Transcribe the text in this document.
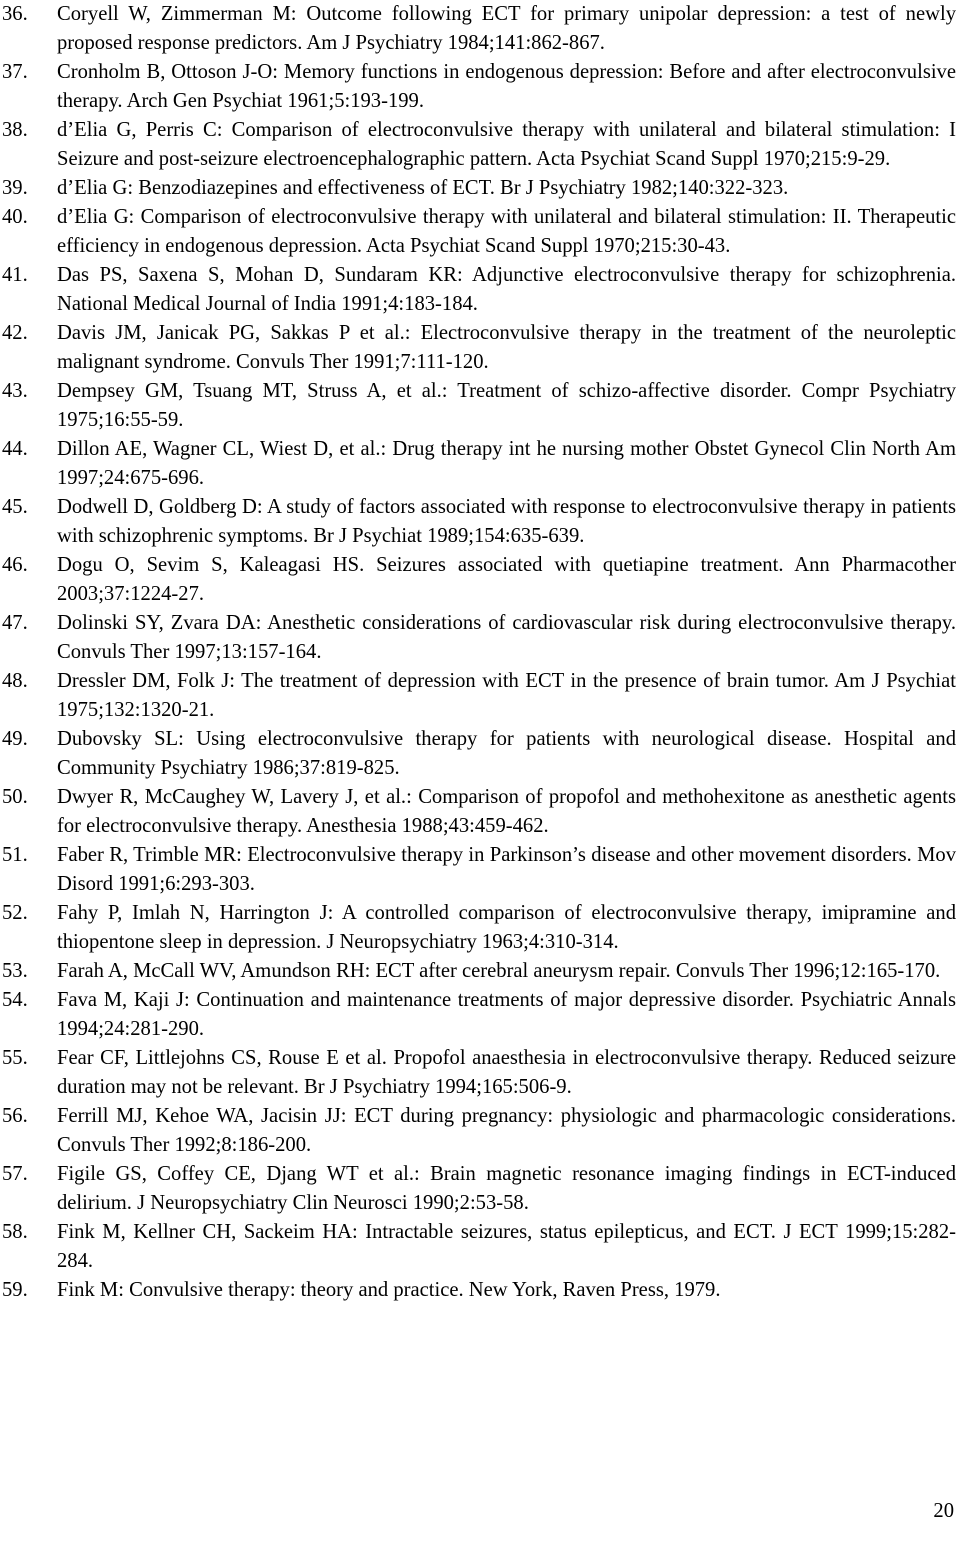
36.	Coryell W, Zimmerman M: Outcome following ECT for primary unipolar depression: a test of newly proposed response predictors. Am J Psychiatry 1984;141:862-867.
37.	Cronholm B, Ottoson J-O: Memory functions in endogenous depression: Before and after electroconvulsive therapy. Arch Gen Psychiat 1961;5:193-199.
38.	d’Elia G, Perris C: Comparison of electroconvulsive therapy with unilateral and bilateral stimulation: I Seizure and post-seizure electroencephalographic pattern. Acta Psychiat Scand Suppl 1970;215:9-29.
39.	d’Elia G: Benzodiazepines and effectiveness of ECT. Br J Psychiatry 1982;140:322-323.
40.	d’Elia G: Comparison of electroconvulsive therapy with unilateral and bilateral stimulation: II. Therapeutic efficiency in endogenous depression. Acta Psychiat Scand Suppl 1970;215:30-43.
41.	Das PS, Saxena S, Mohan D, Sundaram KR: Adjunctive electroconvulsive therapy for schizophrenia. National Medical Journal of India 1991;4:183-184.
42.	Davis JM, Janicak PG, Sakkas P et al.: Electroconvulsive therapy in the treatment of the neuroleptic malignant syndrome. Convuls Ther 1991;7:111-120.
43.	Dempsey GM, Tsuang MT, Struss A, et al.: Treatment of schizo-affective disorder. Compr Psychiatry 1975;16:55-59.
44.	Dillon AE, Wagner CL, Wiest D, et al.: Drug therapy int he nursing mother Obstet Gynecol Clin North Am 1997;24:675-696.
45.	Dodwell D, Goldberg D: A study of factors associated with response to electroconvulsive therapy in patients with schizophrenic symptoms. Br J Psychiat 1989;154:635-639.
46.	Dogu O, Sevim S, Kaleagasi HS. Seizures associated with quetiapine treatment. Ann Pharmacother 2003;37:1224-27.
47.	Dolinski SY, Zvara DA: Anesthetic considerations of cardiovascular risk during electroconvulsive therapy. Convuls Ther 1997;13:157-164.
48.	Dressler DM, Folk J: The treatment of depression with ECT in the presence of brain tumor. Am J Psychiat 1975;132:1320-21.
49.	Dubovsky SL: Using electroconvulsive therapy for patients with neurological disease. Hospital and Community Psychiatry 1986;37:819-825.
50.	Dwyer R, McCaughey W, Lavery J, et al.: Comparison of propofol and methohexitone as anesthetic agents for electroconvulsive therapy. Anesthesia 1988;43:459-462.
51.	Faber R, Trimble MR: Electroconvulsive therapy in Parkinson’s disease and other movement disorders. Mov Disord 1991;6:293-303.
52.	Fahy P, Imlah N, Harrington J: A controlled comparison of electroconvulsive therapy, imipramine and thiopentone sleep in depression. J Neuropsychiatry 1963;4:310-314.
53.	Farah A, McCall WV, Amundson RH: ECT after cerebral aneurysm repair. Convuls Ther 1996;12:165-170.
54.	Fava M, Kaji J: Continuation and maintenance treatments of major depressive disorder. Psychiatric Annals 1994;24:281-290.
55.	Fear CF, Littlejohns CS, Rouse E et al. Propofol anaesthesia in electroconvulsive therapy. Reduced seizure duration may not be relevant. Br J Psychiatry 1994;165:506-9.
56.	Ferrill MJ, Kehoe WA, Jacisin JJ: ECT during pregnancy: physiologic and pharmacologic considerations. Convuls Ther 1992;8:186-200.
57.	Figile GS, Coffey CE, Djang WT et al.: Brain magnetic resonance imaging findings in ECT-induced delirium. J Neuropsychiatry Clin Neurosci 1990;2:53-58.
58.	Fink M, Kellner CH, Sackeim HA: Intractable seizures, status epilepticus, and ECT. J ECT 1999;15:282-284.
59.	Fink M: Convulsive therapy: theory and practice. New York, Raven Press, 1979.
20
